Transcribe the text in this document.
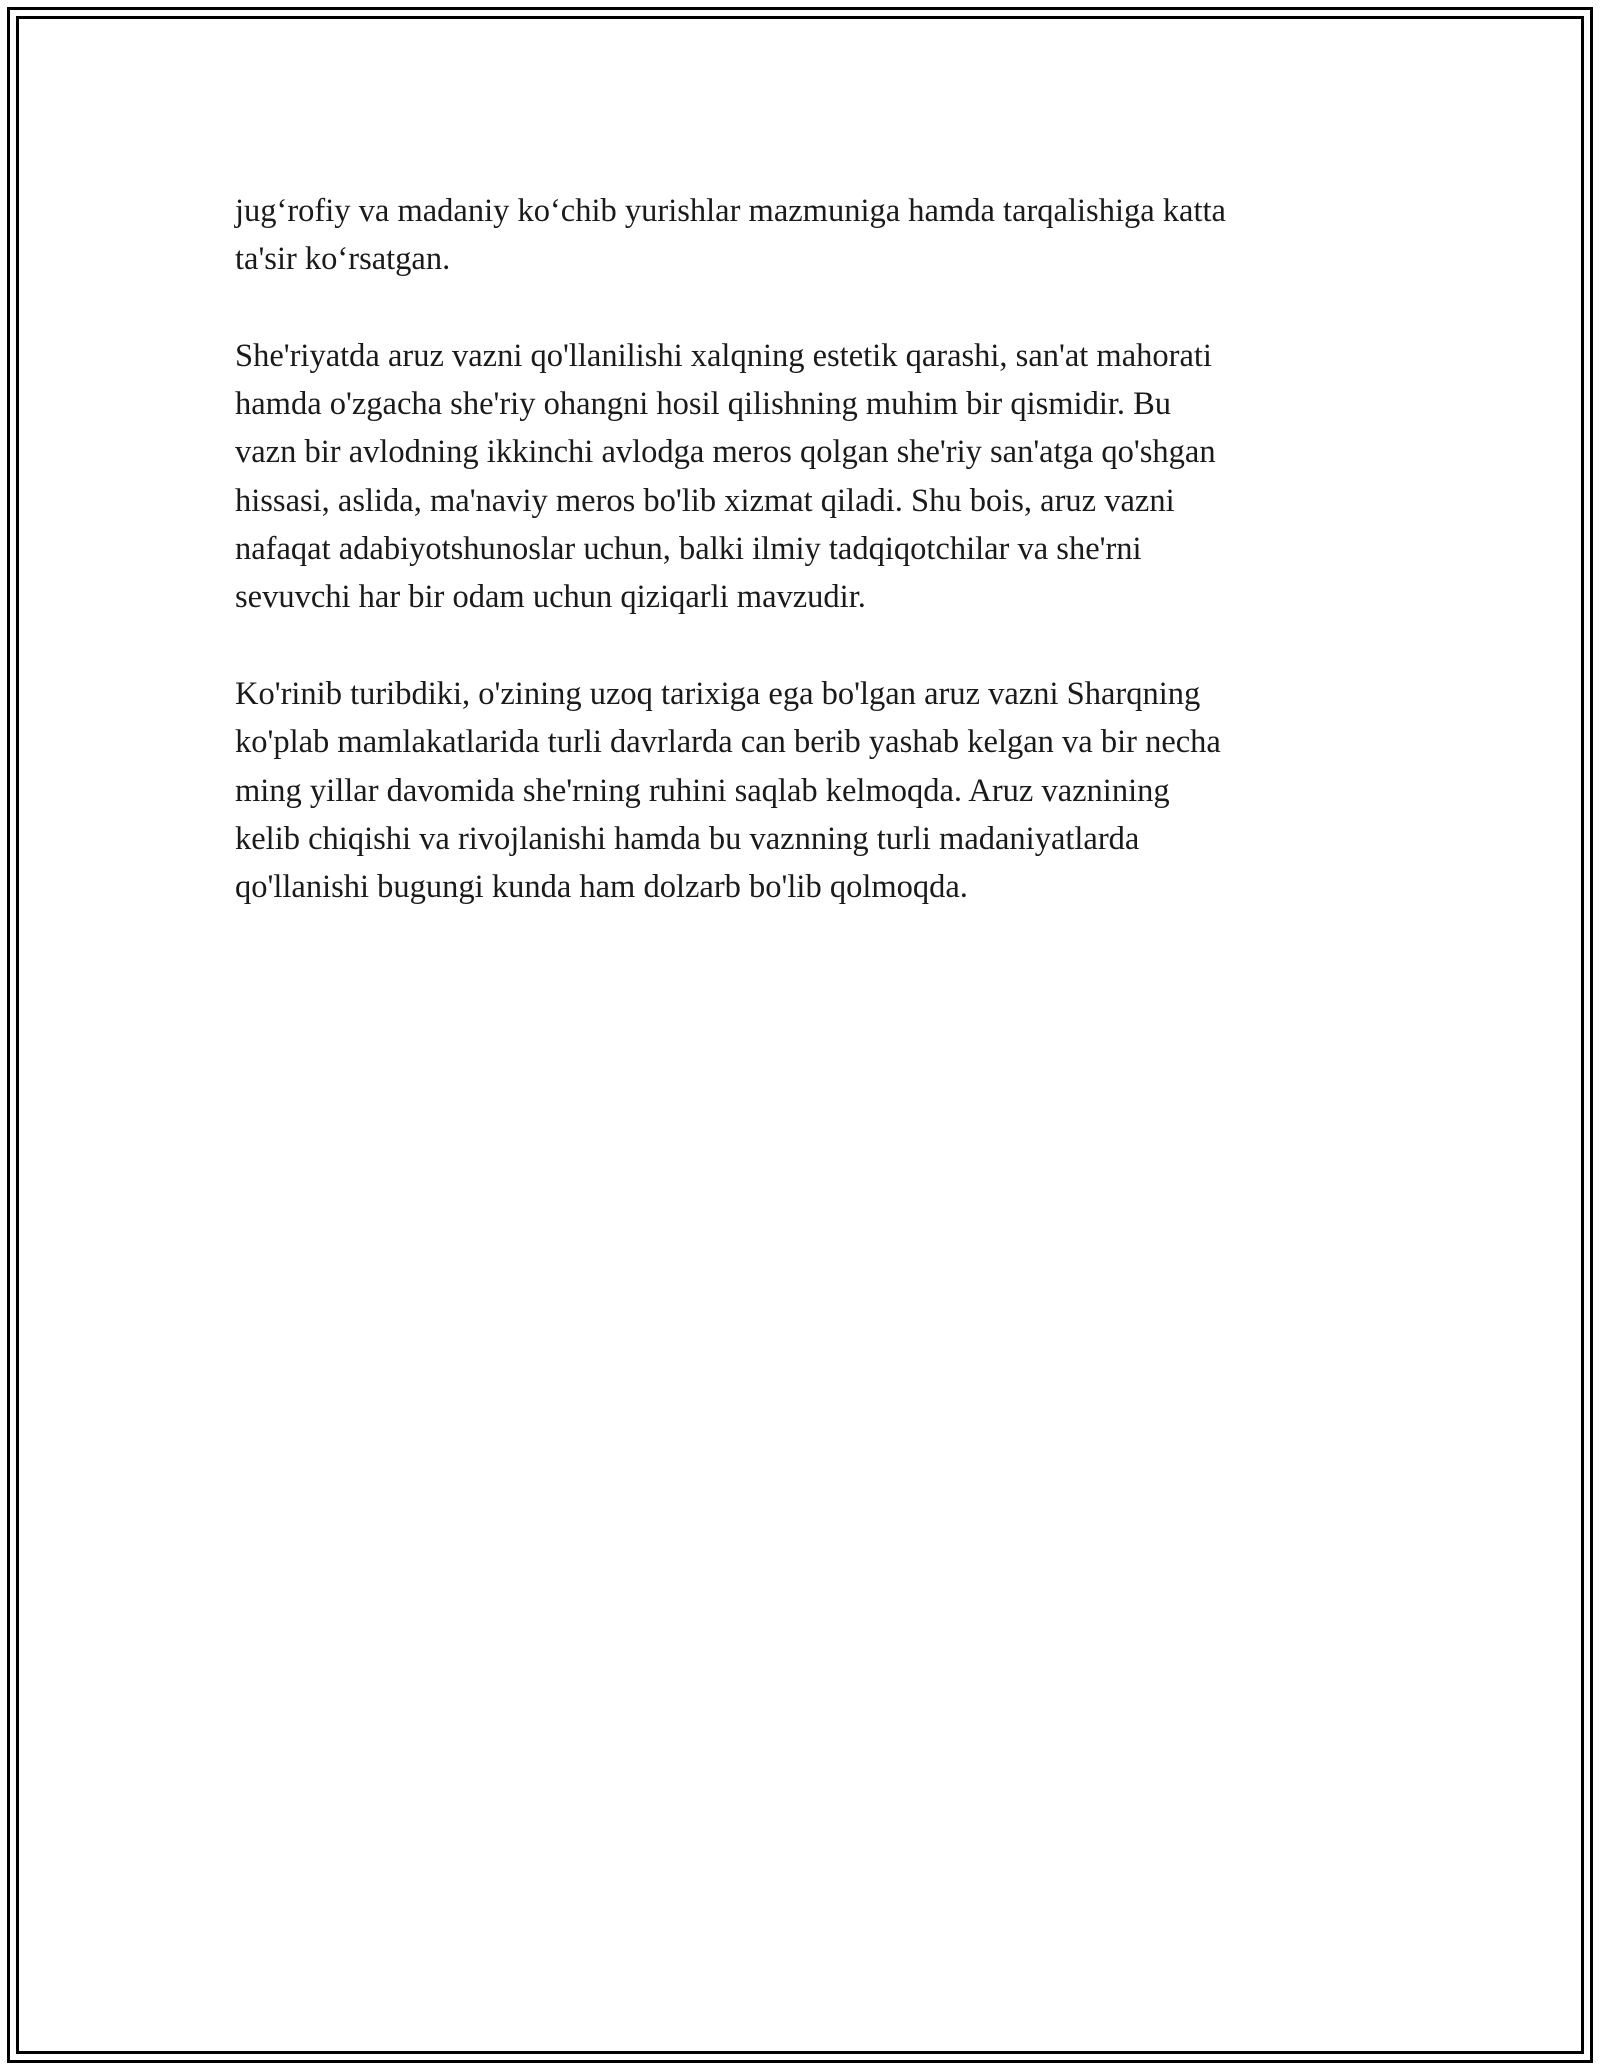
jug‘rofiy va madaniy ko‘chib yurishlar mazmuniga hamda tarqalishiga katta
ta'sir ko‘rsatgan.

She'riyatda aruz vazni qo'llanilishi xalqning estetik qarashi, san'at mahorati
hamda o'zgacha she'riy ohangni hosil qilishning muhim bir qismidir. Bu
vazn bir avlodning ikkinchi avlodga meros qolgan she'riy san'atga qo'shgan
hissasi, aslida, ma'naviy meros bo'lib xizmat qiladi. Shu bois, aruz vazni
nafaqat adabiyotshunoslar uchun, balki ilmiy tadqiqotchilar va she'rni
sevuvchi har bir odam uchun qiziqarli mavzudir.

Ko'rinib turibdiki, o'zining uzoq tarixiga ega bo'lgan aruz vazni Sharqning
ko'plab mamlakatlarida turli davrlarda can berib yashab kelgan va bir necha
ming yillar davomida she'rning ruhini saqlab kelmoqda. Aruz vaznining
kelib chiqishi va rivojlanishi hamda bu vaznning turli madaniyatlarda
qo'llanishi bugungi kunda ham dolzarb bo'lib qolmoqda.
